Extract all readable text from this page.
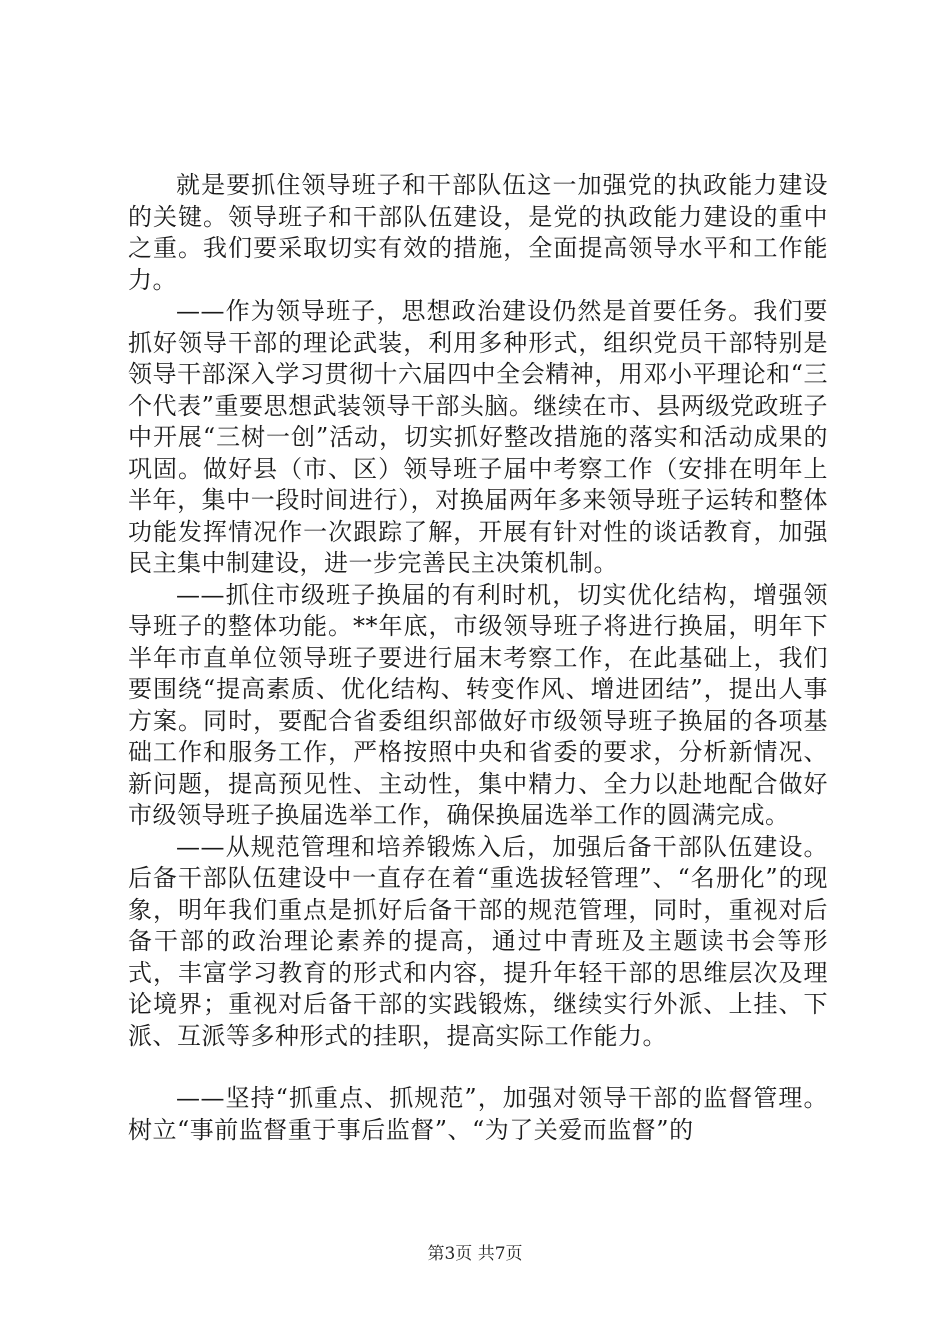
就是要抓住领导班子和干部队伍这一加强党的执政能力建设的关键。领导班子和干部队伍建设，是党的执政能力建设的重中之重。我们要采取切实有效的措施，全面提高领导水平和工作能力。

——作为领导班子，思想政治建设仍然是首要任务。我们要抓好领导干部的理论武装，利用多种形式，组织党员干部特别是领导干部深入学习贯彻十六届四中全会精神，用邓小平理论和“三个代表”重要思想武装领导干部头脑。继续在市、县两级党政班子中开展“三树一创”活动，切实抓好整改措施的落实和活动成果的巩固。做好县（市、区）领导班子届中考察工作（安排在明年上半年，集中一段时间进行），对换届两年多来领导班子运转和整体功能发挥情况作一次跟踪了解，开展有针对性的谈话教育，加强民主集中制建设，进一步完善民主决策机制。

——抓住市级班子换届的有利时机，切实优化结构，增强领导班子的整体功能。**年底，市级领导班子将进行换届，明年下半年市直单位领导班子要进行届末考察工作，在此基础上，我们要围绕“提高素质、优化结构、转变作风、增进团结”，提出人事方案。同时，要配合省委组织部做好市级领导班子换届的各项基础工作和服务工作，严格按照中央和省委的要求，分析新情况、新问题，提高预见性、主动性，集中精力、全力以赴地配合做好市级领导班子换届选举工作，确保换届选举工作的圆满完成。

——从规范管理和培养锻炼入后，加强后备干部队伍建设。后备干部队伍建设中一直存在着“重选拔轻管理”、“名册化”的现象，明年我们重点是抓好后备干部的规范管理，同时，重视对后备干部的政治理论素养的提高，通过中青班及主题读书会等形式，丰富学习教育的形式和内容，提升年轻干部的思维层次及理论境界；重视对后备干部的实践锻炼，继续实行外派、上挂、下派、互派等多种形式的挂职，提高实际工作能力。

——坚持“抓重点、抓规范”，加强对领导干部的监督管理。树立“事前监督重于事后监督”、“为了关爱而监督”的

第3页 共7页
